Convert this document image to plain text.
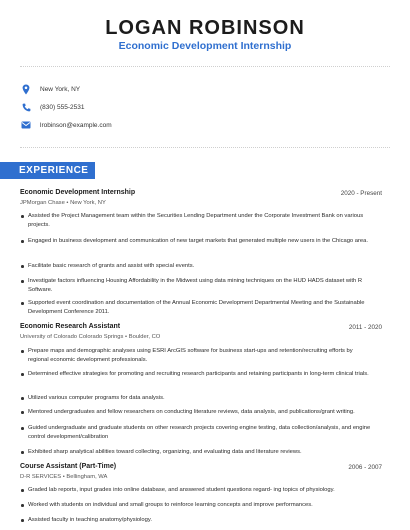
LOGAN ROBINSON
Economic Development Internship
New York, NY
(830) 555-2531
lrobinson@example.com
EXPERIENCE
Economic Development Internship	2020 - Present
JPMorgan Chase • New York, NY
Assisted the Project Management team within the Securities Lending Department under the Corporate Investment Bank on various projects.
Engaged in business development and communication of new target markets that generated multiple new users in the Chicago area.
Facilitate basic research of grants and assist with special events.
Investigate factors influencing Housing Affordability in the Midwest using data mining techniques on the HUD HADS dataset with R Software.
Supported event coordination and documentation of the Annual Economic Development Departmental Meeting and the Sustainable Development Conference 2011.
Economic Research Assistant	2011 - 2020
University of Colorado Colorado Springs • Boulder, CO
Prepare maps and demographic analyses using ESRI ArcGIS software for business start-ups and retention/recruiting efforts by regional economic development professionals.
Determined effective strategies for promoting and recruiting research participants and retaining participants in long-term clinical trials.
Utilized various computer programs for data analysis.
Mentored undergraduates and fellow researchers on conducting literature reviews, data analysis, and publications/grant writing.
Guided undergraduate and graduate students on other research projects covering engine testing, data collection/analysis, and engine control development/calibration
Exhibited sharp analytical abilities toward collecting, organizing, and evaluating data and literature reviews.
Course Assistant (Part-Time)	2006 - 2007
D-R SERVICES • Bellingham, WA
Graded lab reports, input grades into online database, and answered student questions regard- ing topics of physiology.
Worked with students on individual and small groups to reinforce learning concepts and improve performances.
Assisted faculty in teaching anatomy/physiology.
